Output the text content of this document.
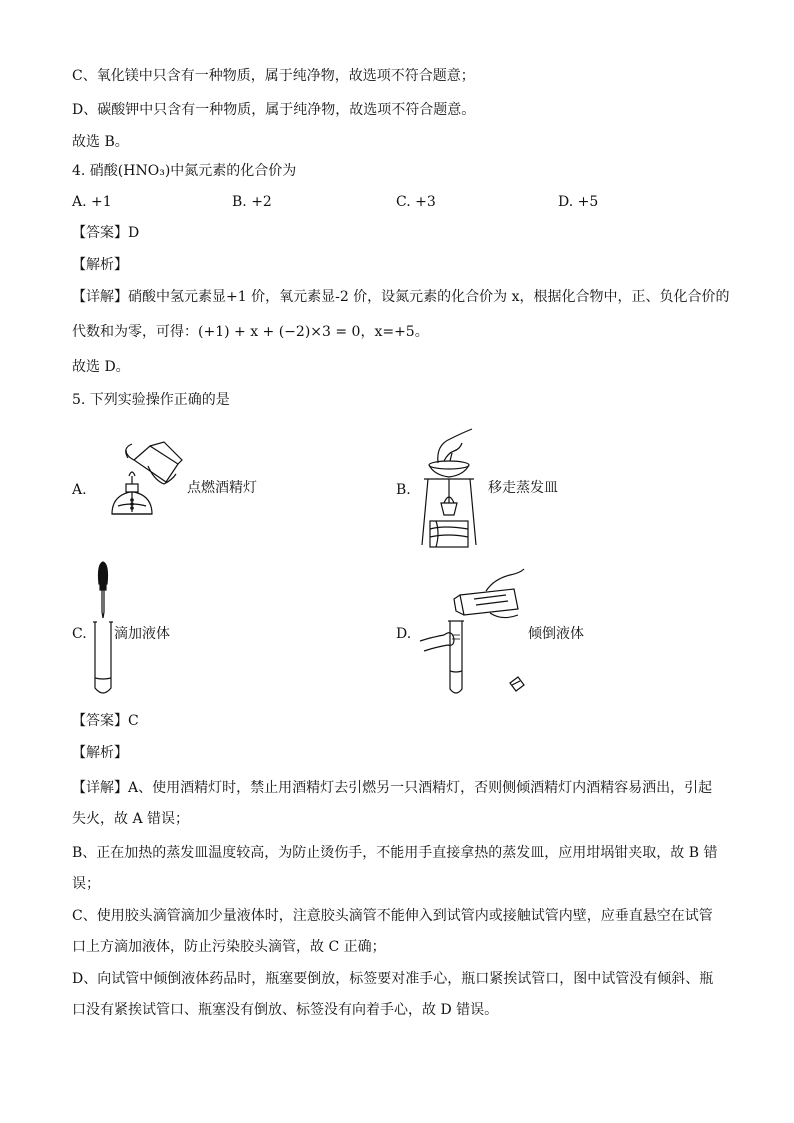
C、氧化镁中只含有一种物质，属于纯净物，故选项不符合题意；
D、碳酸钾中只含有一种物质，属于纯净物，故选项不符合题意。
故选 B。
4. 硝酸(HNO₃)中氮元素的化合价为
A. +1	B. +2	C. +3	D. +5
【答案】D
【解析】
【详解】硝酸中氢元素显+1 价，氧元素显-2 价，设氮元素的化合价为 x，根据化合物中，正、负化合价的
代数和为零，可得：(+1) + x + (−2)×3 = 0，x=+5。
故选 D。
5. 下列实验操作正确的是
A.	点燃酒精灯	B.	移走蒸发皿
C. 滴加液体	D.	倾倒液体
【答案】C
【解析】
【详解】A、使用酒精灯时，禁止用酒精灯去引燃另一只酒精灯，否则侧倾酒精灯内酒精容易洒出，引起失火，故 A 错误；
B、正在加热的蒸发皿温度较高，为防止烫伤手，不能用手直接拿热的蒸发皿，应用坩埚钳夹取，故 B 错误；
C、使用胶头滴管滴加少量液体时，注意胶头滴管不能伸入到试管内或接触试管内壁，应垂直悬空在试管口上方滴加液体，防止污染胶头滴管，故 C 正确；
D、向试管中倾倒液体药品时，瓶塞要倒放，标签要对准手心，瓶口紧挨试管口，图中试管没有倾斜、瓶口没有紧挨试管口、瓶塞没有倒放、标签没有向着手心，故 D 错误。
